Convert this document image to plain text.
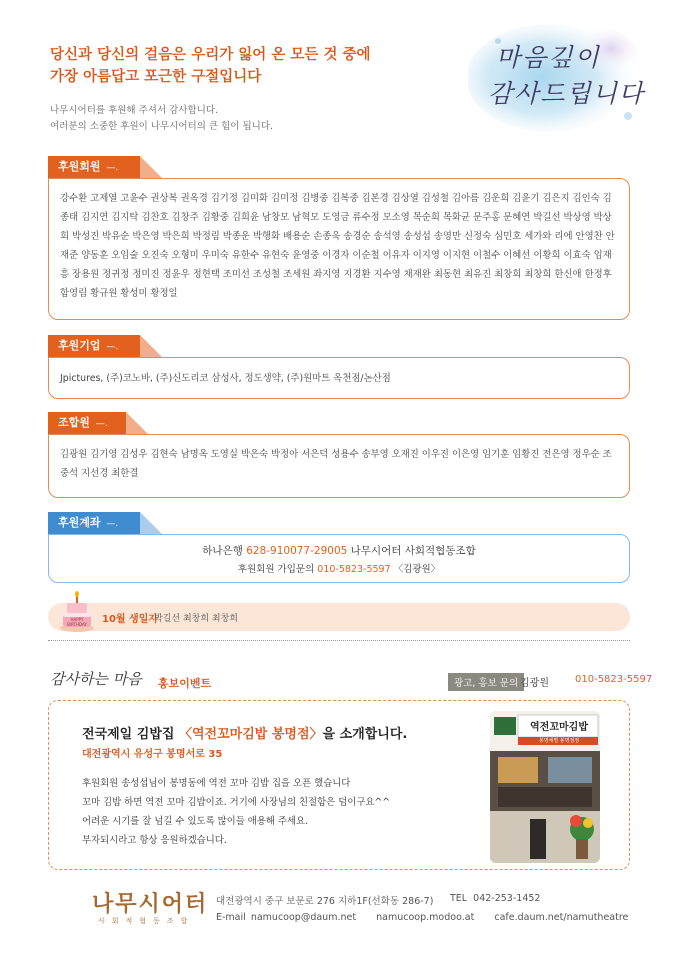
당신과 당신의 걸음은 우리가 잃어 온 모든 것 중에
가장 아름답고 포근한 구절입니다
나무시어터를 후원해 주셔서 감사합니다.
여러분의 소중한 후원이 나무시어터의 큰 힘이 됩니다.
마음깊이
감사드립니다
후원회원 —.
강수환 고제열 고윤수 권상복 권옥경 김기정 김미화 김미정 김병중 김복중 김본경 김상열 김성철 김아름 김운희 김윤기 김은지 김인숙 김종태 김지연 김지탁 김찬호 김창주 김황중 김희윤 남창모 남혁모 도영금 류수정 모소영 목순희 목화균 문주홍 문혜연 박길선 박상영 박상희 박성진 박유순 박은영 박은희 박정림 박종운 박행화 배용순 손종욱 송경순 송석영 송성섭 송영만 신정숙 심민호 세가와 리에 안영찬 안재준 양동훈 오임술 오진숙 오형미 우미숙 유한수 유현숙 윤영중 이경자 이순철 이유자 이지영 이지현 이철수 이혜선 이황희 이효숙 임재흥 장용원 정귀정 정미진 정윤우 정현택 조미선 조성철 조세원 좌지영 지경환 지수영 채재완 최동현 최유진 최창희 최창희 한신애 한정후 함영림 황규원 황성미 황정일
후원기업 —.
Jpictures, (주)코노바, (주)신도리코 삼성사, 정도생약, (주)원마트 옥천점/논산점
조합원 —.
김광원 김기영 김성우 김현숙 남명옥 도영실 박은숙 박정아 서은덕 성용수 송부영 오재진 이우진 이은영 임기훈 임황진 전은영 정우순 조중석 지선경 최한결
후원계좌 —.
하나은행 628-910077-29005 나무시어터 사회적협동조합
후원회원 가입문의 010-5823-5597 〈김광원〉
HAPPY BIRTHDAY	10월 생일자
박길선 최창희 최창희
감사하는 마음 홍보이벤트	광고, 홍보 문의 김광원	010-5823-5597
전국제일 김밥집 〈역전꼬마김밥 봉명점〉을 소개합니다.
대전광역시 유성구 봉명서로 35
후원회원 송성섭님이 봉명동에 역전 꼬마 김밥 집을 오픈 했습니다
꼬마 김밥 하면 역전 꼬마 김밥이죠. 거기에 사장님의 친절함은 덤이구요^^
어려운 시기를 잘 넘길 수 있도록 많이들 애용해 주세요.
부자되시라고 항상 응원하겠습니다.
역전꼬마김밥
봉명체별 봉명점점
나무시어터
사회적협동조합
대전광역시 중구 보문로 276 지하1F(선화동 286-7) TEL 042-253-1452
E-mail namucoop@daum.net namucoop.modoo.at cafe.daum.net/namutheatre
